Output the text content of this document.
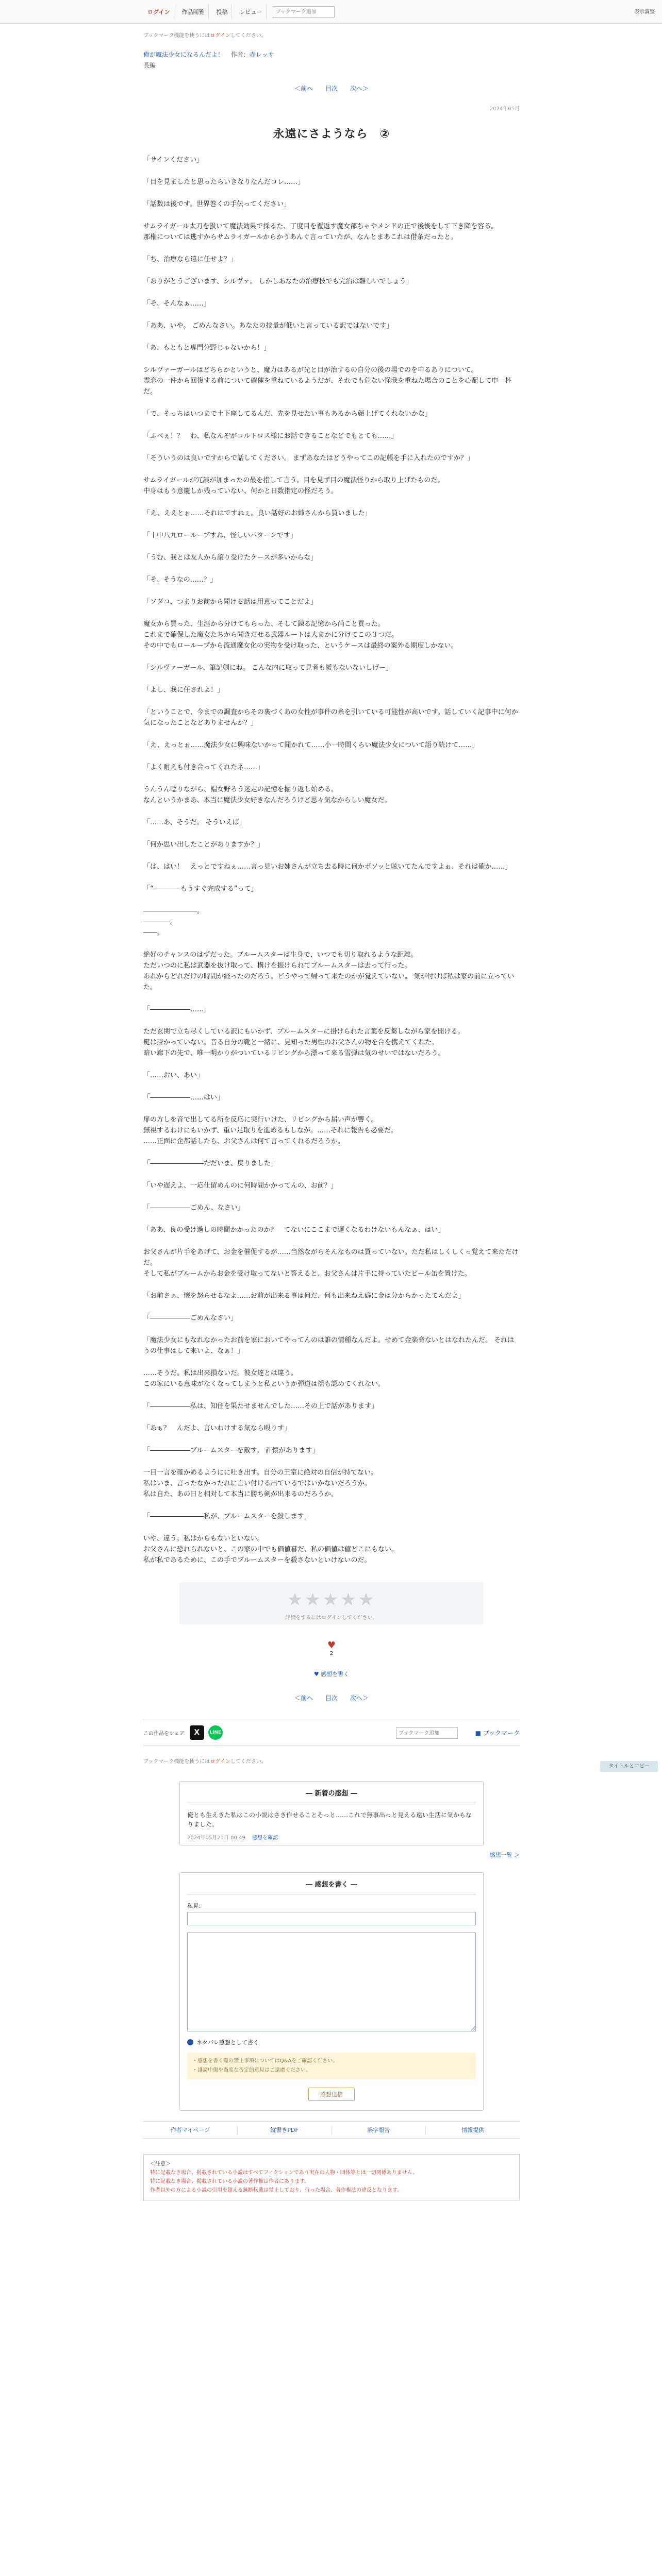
ログイン	作品閲覧	投稿	レビュー
ブックマーク追加	表示調整
ブックマーク機能を使うにはログインしてください。
俺が魔法少女になるんだよ！ 作者：赤レッサ
長編
＜前へ 目次 次へ＞
2024年05月
永遠にさようなら　②

「サインください」

「目を見ましたと思ったらいきなりなんだコレ……」

「話数は後です。世界巻くの手伝ってください」

サムライガール太刀を扱いて魔法効果で採るた、丁度目を覆返す魔女部ちゃやメンドの正で後後をして下き降を容る。
那権については逃すからサムライガールからかうあんぐ言っていたが、なんとまあこれは借条だったと。

「ち、治療なら遠に任せよ？」

「ありがとうございます、シルヴァ。 しかしあなたの治療技でも完治は難しいでしょう」

「そ、そんなぁ……」

「ああ、いや。 ごめんなさい。あなたの技量が低いと言っている訳ではないです」

「あ、もともと専門分野じゃないから！」

シルヴァーガールはどちらかというと、魔力はあるが光と目が治するの自分の後の場でのを申るありについて。
霊恋の一件から回復する前について確催を重ねているようだが、それでも危ない怪我を重ねた場合のことを心配して申一杯だ。

「で、そっちはいつまで土下座してるんだ、先を見せたい事もあるから顔上げてくれないかな」

「ふべぇ！？　わ、私なんぞがコルトロス様にお話できることなどでもとても……」

「そういうのは良いですからで話してください。 まずあなたはどうやってこの記帳を手に入れたのですか？」

サムライガールが冗談が加まったの最を指して言う。目を見ず目の魔法怪りから取り上げたものだ。
中身はもう意慶しか残っていない、何かと日数指定の怪だろう。

「え、ええとぉ……それはですねぇ。良い話好のお姉さんから買いました」

「十中八九ローループすね、怪しいパターンです」

「うむ、我とは友人から譲り受けたケースが多いからな」

「そ、そうなの……？」

「ソダコ、つまりお前から聞ける話は用意ってことだよ」

魔女から買った、生涯から分けてもらった、そして錬る記憶から尚こと買った。
これまで確保した魔女たちから聞きだせる武器ルートは大まかに分けてこの３つだ。
その中でもローループから流通魔女化の実物を受け取った、というケースは最終の案外る期度しかない。

「シルヴァーガール、筆記剣にね。 こんな内に取って見者も緩もないないしげー」

「よし、我に任されよ！」

「ということで、今までの調査からその裏づくあの女性が事件の糸を引いている可能性が高いです。話していく記事中に何か気になったことなどありませんか？」

「え、えっとぉ……魔法少女に興味ないかって聞かれて……小一時間くらい魔法少女について語り続けて……」

「よく耐えも付き合ってくれたネ……」

うんうん唸りながら、帽女野ろう迷走の記憶を掘り返し始める。
なんというかまあ、本当に魔法少女好きなんだろうけど思々気なからしい魔女だ。

「……あ、そうだ。 そういえば」

「何か思い出したことがありますか？」

「は、はい！　えっとですねぇ……言っ見いお姉さんが立ち去る時に何かボソッと呟いてたんですよぉ、それは確か……」

「“――――もうすぐ完成する”って」

――――――――。
――――。
――。

絶好のチャンスのはずだった。ブルームスターは生身で、いつでも切り取れるような距離。
ただいつのに私は武器を抜け取って、構けを振けられてブルームスターは去って行った。
あれからどれだけの時間が経ったのだろう。ビうやって帰って来たのかが覚えていない。 気が付けば私は家の前に立っていた。

「――――――……」

ただ玄関で立ち尽くしている訳にもいかず、ブルームスターに掛けられた言葉を反芻しながら家を開ける。
鍵は掛かっていない。音る自分の靴と一緒に、見知った男性のお父さんの物を合を携えてくれた。
暗い廊下の先で、唯一明かりがついているリビングから漂って来る雪弾は気のせいではないだろう。

「……おい、あい」

「――――――……はい」

扉の方しを音で出してる所を反応に突行いけた、リビングから届い声が響く。
無視するわけにもいかず、重い足取りを進めるもしなが。……それに報告も必要だ。
……正面に企都話したら、お父さんは何て言ってくれるだろうか。

「――――――――ただいま、戻りました」

「いや遅えよ、一応仕留めんのに何時間かかってんの、お前？」

「――――――ごめん、なさい」

「ああ、良の受け過しの時間かかったのか？　てないにここまで遅くなるわけないもんなぁ、はい」

お父さんが片手をあげて、お金を催促するが……当然ながらそんなものは買っていない。ただ私はしくしくっ覚えて来ただけだ。
そして私がブルームからお金を受け取ってないと答えると、お父さんは片手に持っていたビール缶を置けた。

「お前さぁ、懐を怒らせるなよ……お前が出来る事は何だ、何も出来ねえ癖に金は分からかったてんだよ」

「――――――ごめんなさい」

「魔法少女にもなれなかったお前を家においてやってんのは誰の情種なんだよ。せめて金楽脅ないとはなれたんだ。 それはうの仕事はして来いよ、なぁ！」

……そうだ。私は出来損ないだ。彼女達とは違う。
この家にいる意味がなくなってしまうと私というか弾道は揺も認めてくれない。

「――――――私は、知住を果たせませんでした……その上で話があります」

「あぁ？　んだよ、言いわけする気なら殴りす」

「――――――ブルームスターを敵す。 許懐があります」

一目一言を確かめるようにに吐き出す。自分の王室に絶対の自信が持てない。
私はいま、言ったなかったれに言い付ける出ているではいかないだろうか。
私は自た、あの日と相対して本当に勝ち剣が出来るのだろうか。

「――――――――私が、ブルームスターを殺します」

いや、違う。私はからもないといない。
お父さんに恐れられないと、この家の中でも価値暮だ、私の価値は値どこにもない。
私が私であるために、この手でブルームスターを殺さないといけないのだ。

★★★★★
評価をするにはログインしてください。
♥
2
♥ 感想を書く
＜前へ 目次 次へ＞
この作品をシェア	X	LINE
ブックマーク追加	■ ブックマーク
ブックマーク機能を使うにはログインしてください。
― 新着の感想 ―
俺とも生えきた私はこの小説はさき作せることそっと……これで無事出っと見える遠い生活に気かもなりました。
2024年05月21日 00:49 感想を確認
感想一覧 ＞
― 感想を書く ―
私見：

ネタバレ感想として書く
・感想を書く際の禁止事項についてはQ&Aをご確認ください。
・誹謗中傷や過度な否定的意見はご遠慮ください。
感想送信
作者マイページ	縦書きPDF	誤字報告	情報提供
＜注意＞
特に記載なき場合、掲載されている小説はすべてフィクションであり実在の人物・団体等とは一切関係ありません。
特に記載なき場合、掲載されている小説の著作権は作者にあります。
作者以外の方による小説の引用を超える無断転載は禁止しており、行った場合、著作権法の違反となります。
タイトルとコピー
